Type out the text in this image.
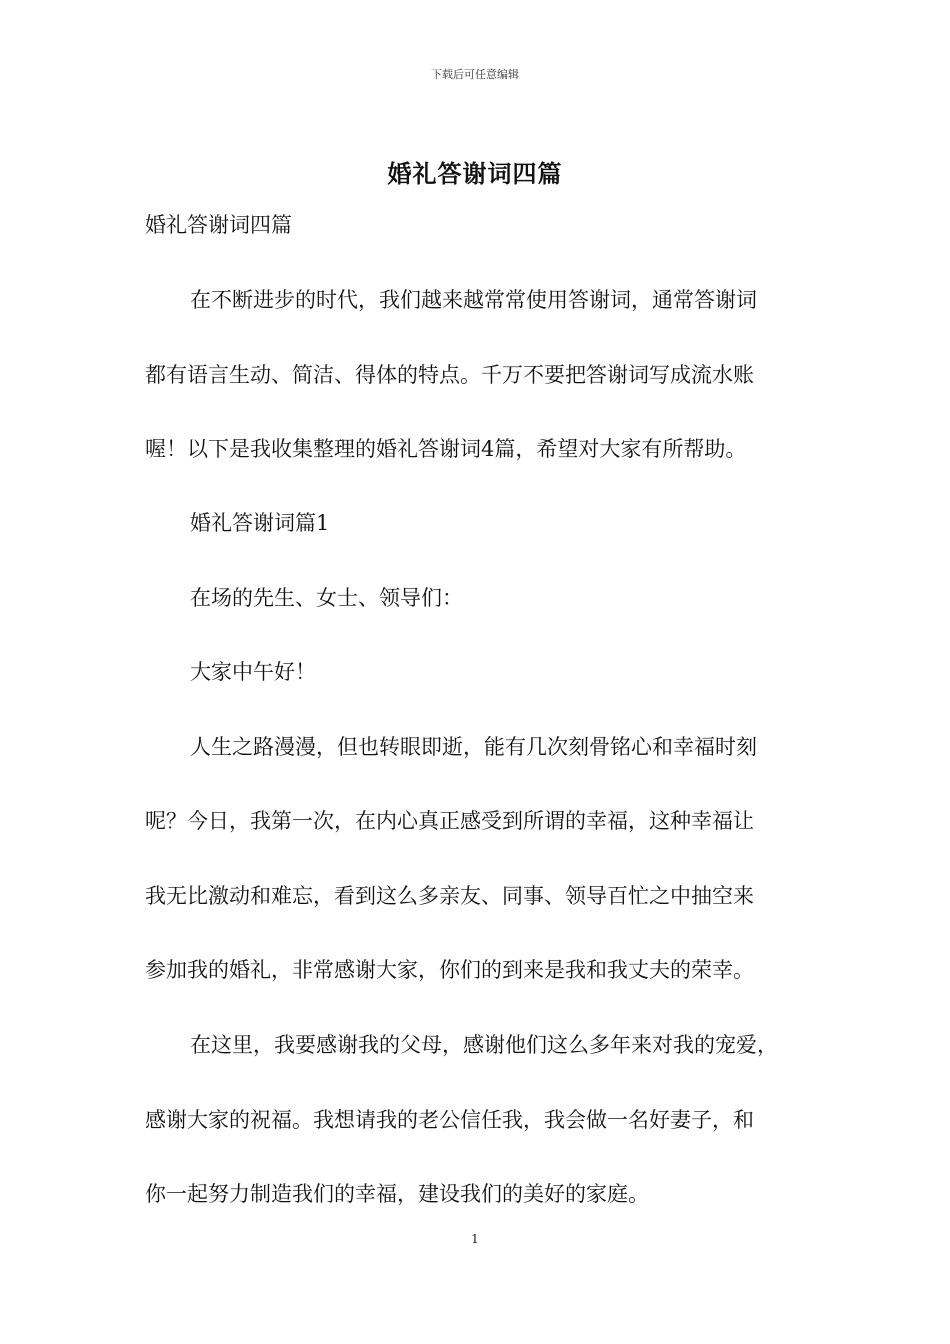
下载后可任意编辑
婚礼答谢词四篇
婚礼答谢词四篇
在不断进步的时代，我们越来越常常使用答谢词，通常答谢词
都有语言生动、简洁、得体的特点。千万不要把答谢词写成流水账
喔！以下是我收集整理的婚礼答谢词4篇，希望对大家有所帮助。
婚礼答谢词篇1
在场的先生、女士、领导们：
大家中午好！
人生之路漫漫，但也转眼即逝，能有几次刻骨铭心和幸福时刻
呢？今日，我第一次，在内心真正感受到所谓的幸福，这种幸福让
我无比激动和难忘，看到这么多亲友、同事、领导百忙之中抽空来
参加我的婚礼，非常感谢大家，你们的到来是我和我丈夫的荣幸。
在这里，我要感谢我的父母，感谢他们这么多年来对我的宠爱，
感谢大家的祝福。我想请我的老公信任我，我会做一名好妻子，和
你一起努力制造我们的幸福，建设我们的美好的家庭。
1
